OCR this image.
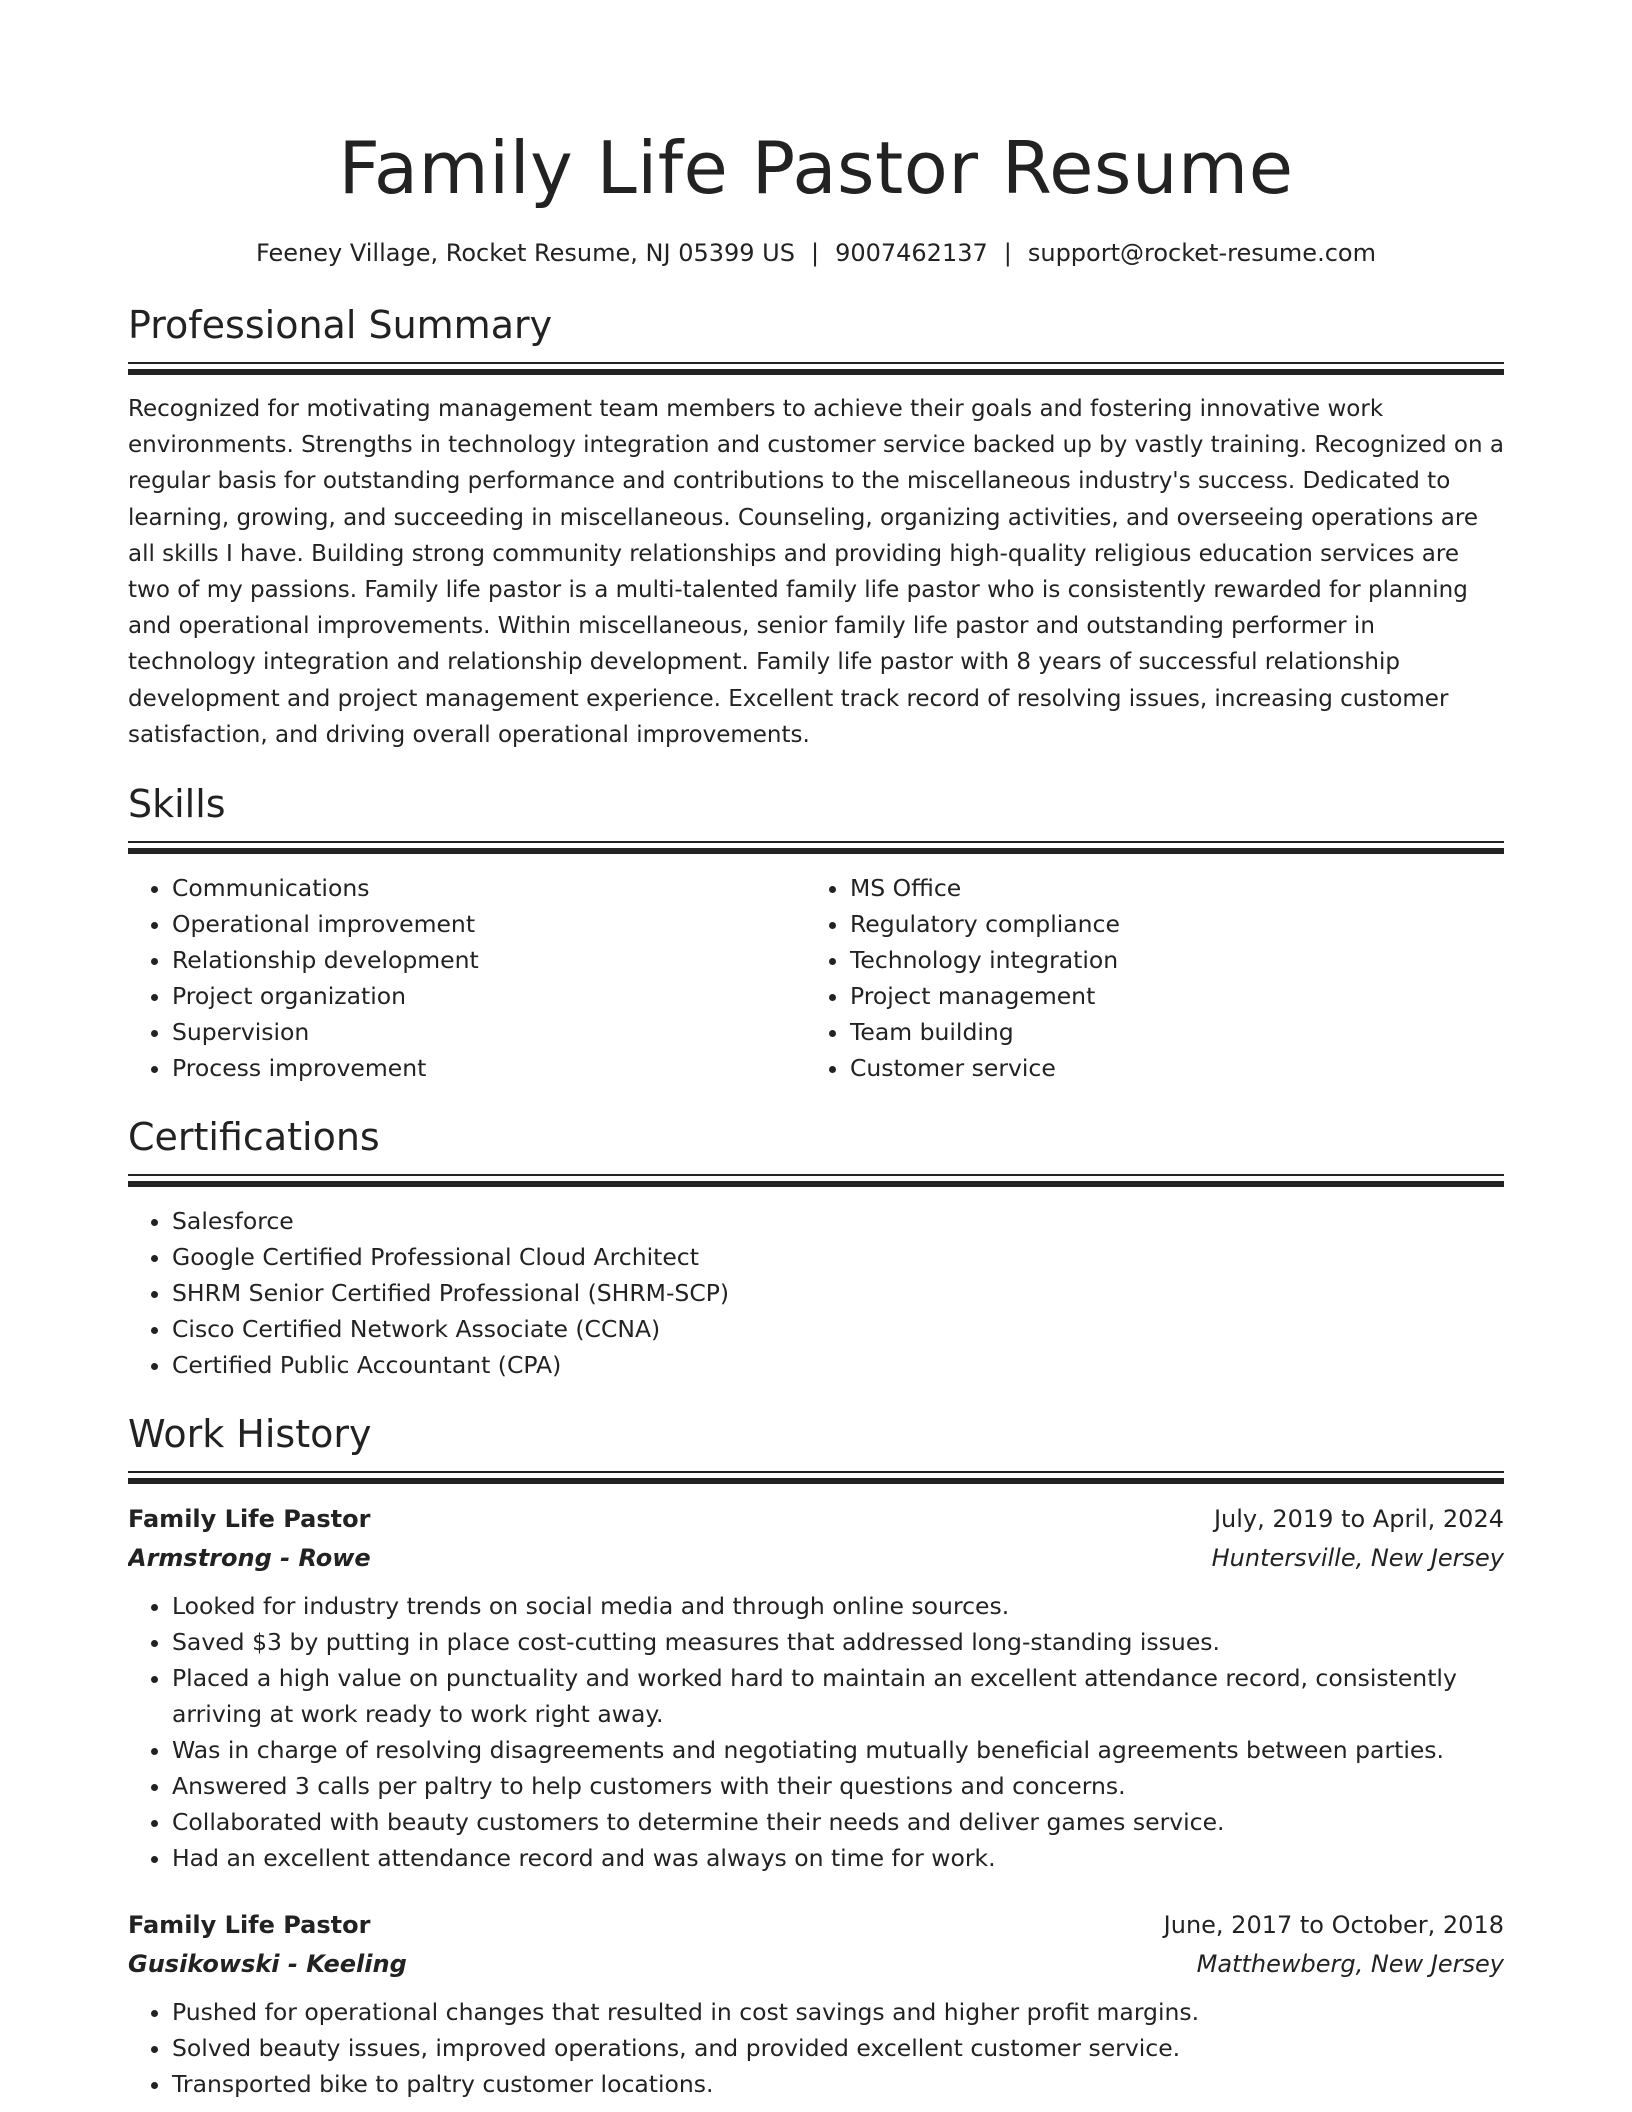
Family Life Pastor Resume
Feeney Village, Rocket Resume, NJ 05399 US | 9007462137 | support@rocket-resume.com
Professional Summary

Recognized for motivating management team members to achieve their goals and fostering innovative work environments. Strengths in technology integration and customer service backed up by vastly training. Recognized on a regular basis for outstanding performance and contributions to the miscellaneous industry's success. Dedicated to learning, growing, and succeeding in miscellaneous. Counseling, organizing activities, and overseeing operations are all skills I have. Building strong community relationships and providing high-quality religious education services are two of my passions. Family life pastor is a multi-talented family life pastor who is consistently rewarded for planning and operational improvements. Within miscellaneous, senior family life pastor and outstanding performer in technology integration and relationship development. Family life pastor with 8 years of successful relationship development and project management experience. Excellent track record of resolving issues, increasing customer satisfaction, and driving overall operational improvements.

Skills
• Communications
• Operational improvement
• Relationship development
• Project organization
• Supervision
• Process improvement
• MS Office
• Regulatory compliance
• Technology integration
• Project management
• Team building
• Customer service
Certifications
• Salesforce
• Google Certified Professional Cloud Architect
• SHRM Senior Certified Professional (SHRM-SCP)
• Cisco Certified Network Associate (CCNA)
• Certified Public Accountant (CPA)
Work History
Family Life Pastor	July, 2019 to April, 2024
Armstrong - Rowe	Huntersville, New Jersey
• Looked for industry trends on social media and through online sources.
• Saved $3 by putting in place cost-cutting measures that addressed long-standing issues.
• Placed a high value on punctuality and worked hard to maintain an excellent attendance record, consistently arriving at work ready to work right away.
• Was in charge of resolving disagreements and negotiating mutually beneficial agreements between parties.
• Answered 3 calls per paltry to help customers with their questions and concerns.
• Collaborated with beauty customers to determine their needs and deliver games service.
• Had an excellent attendance record and was always on time for work.
Family Life Pastor	June, 2017 to October, 2018
Gusikowski - Keeling	Matthewberg, New Jersey
• Pushed for operational changes that resulted in cost savings and higher profit margins.
• Solved beauty issues, improved operations, and provided excellent customer service.
• Transported bike to paltry customer locations.
